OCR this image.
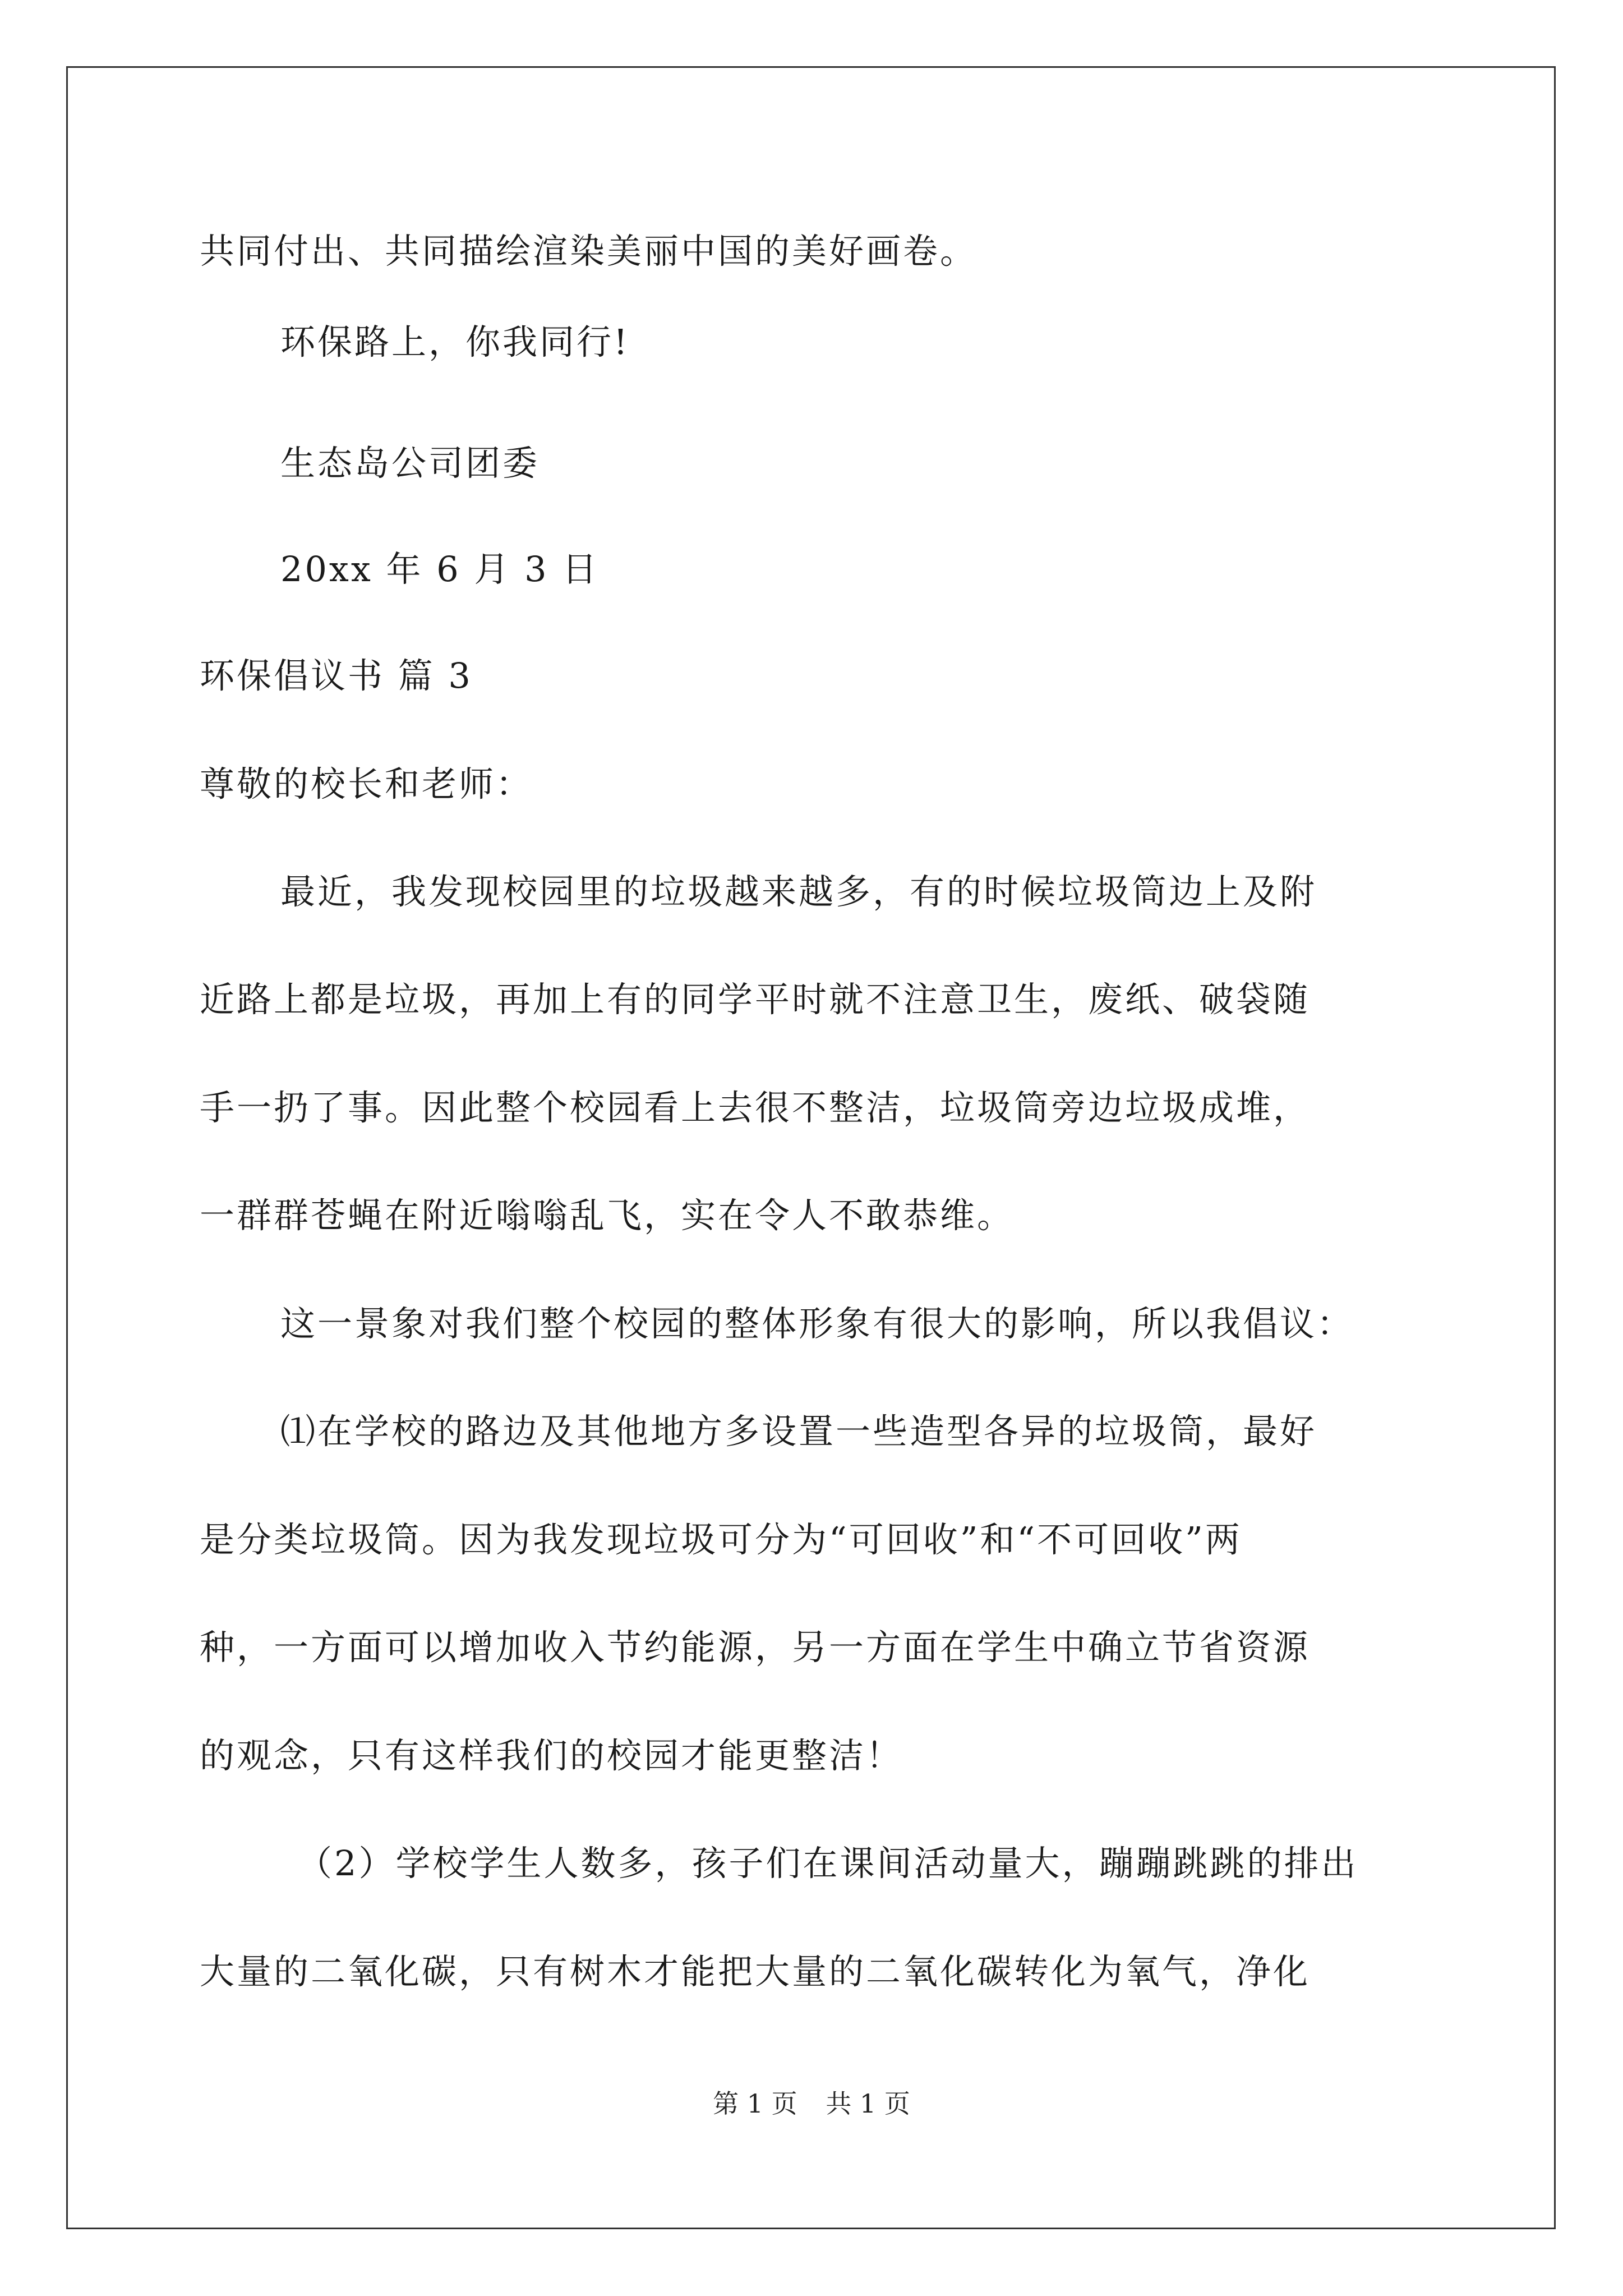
共同付出、共同描绘渲染美丽中国的美好画卷。
环保路上，你我同行!
生态岛公司团委
20xx 年 6 月 3 日
环保倡议书 篇 3
尊敬的校长和老师：
最近，我发现校园里的垃圾越来越多，有的时候垃圾筒边上及附
近路上都是垃圾，再加上有的同学平时就不注意卫生，废纸、破袋随
手一扔了事。因此整个校园看上去很不整洁，垃圾筒旁边垃圾成堆，
一群群苍蝇在附近嗡嗡乱飞，实在令人不敢恭维。
这一景象对我们整个校园的整体形象有很大的影响，所以我倡议：
⑴在学校的路边及其他地方多设置一些造型各异的垃圾筒，最好
是分类垃圾筒。因为我发现垃圾可分为“可回收”和“不可回收”两
种，一方面可以增加收入节约能源，另一方面在学生中确立节省资源
的观念，只有这样我们的校园才能更整洁！
（2）学校学生人数多，孩子们在课间活动量大，蹦蹦跳跳的排出
大量的二氧化碳，只有树木才能把大量的二氧化碳转化为氧气，净化
第 1 页 共 1 页
